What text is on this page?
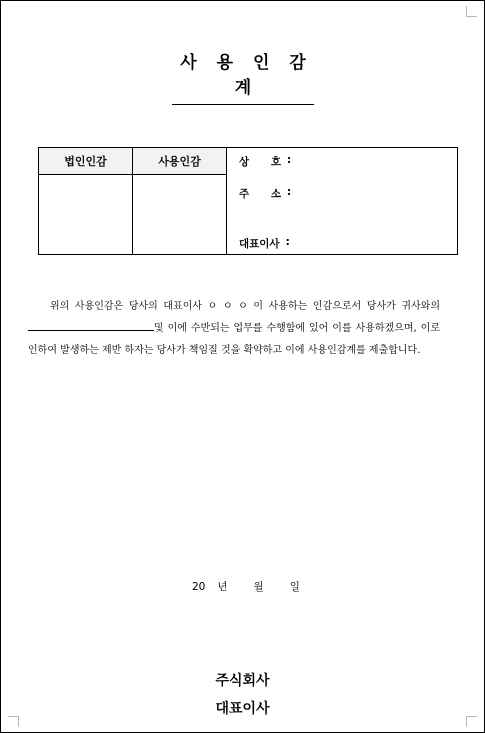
사 용 인 감 계
법인인감	사용인감	상 호 :
주 소 :
대표이사 :
위의 사용인감은 당사의 대표이사 ㅇ ㅇ ㅇ 이 사용하는 인감으로서 당사가 귀사와의 및 이에 수반되는 업무를 수행함에 있어 이를 사용하겠으며, 이로 인하여 발생하는 제반 하자는 당사가 책임질 것을 확약하고 이에 사용인감계를 제출합니다.
20 년 월 일
주식회사
대표이사
